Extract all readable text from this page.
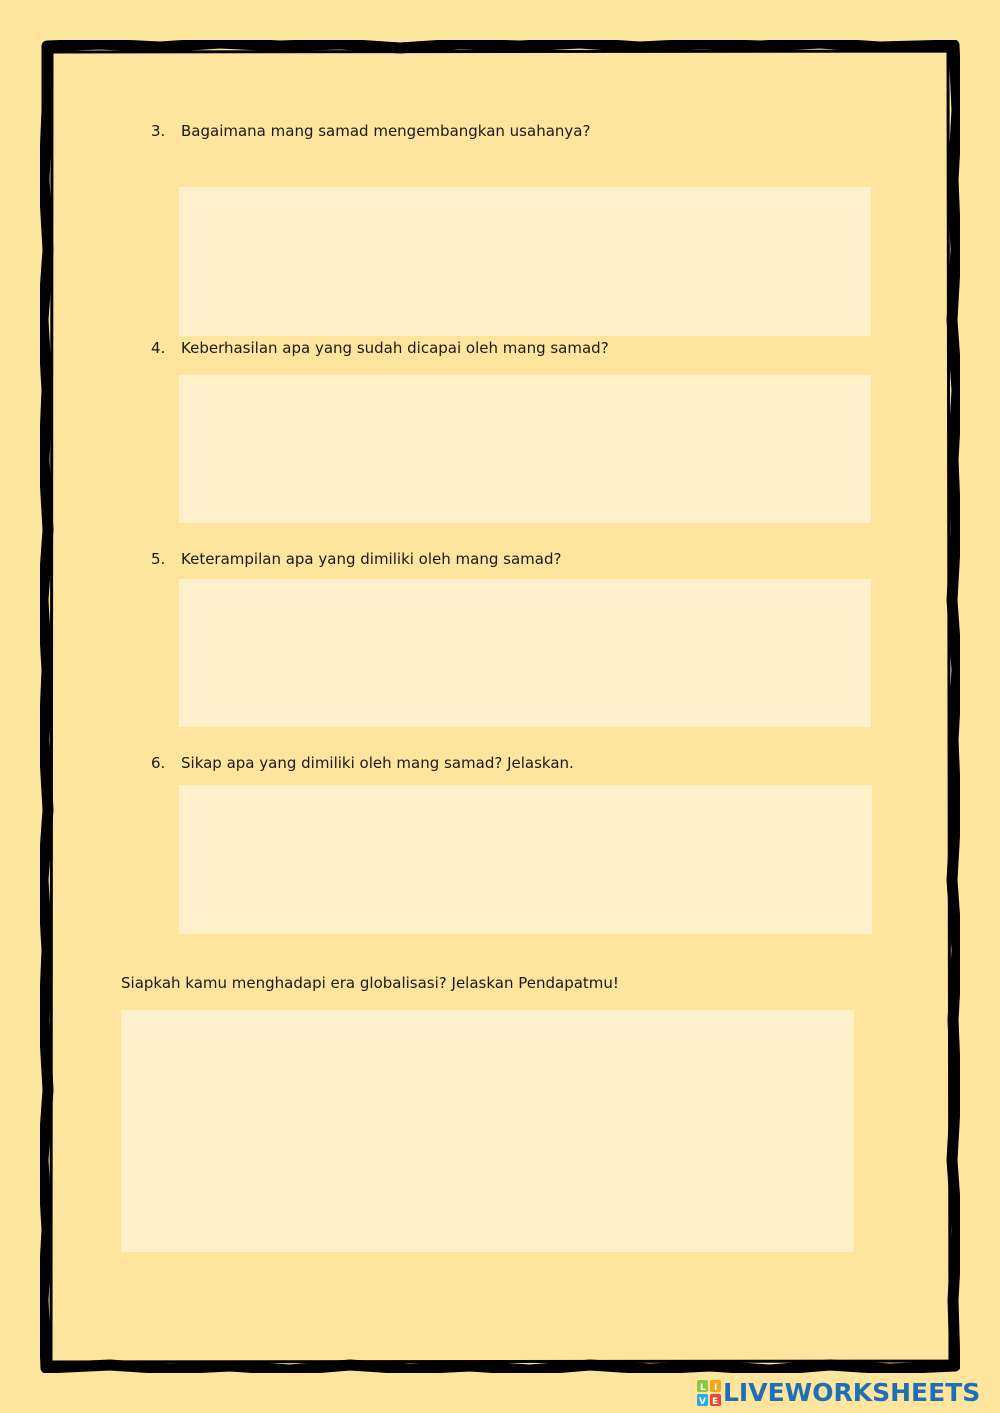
3. Bagaimana mang samad mengembangkan usahanya?
4. Keberhasilan apa yang sudah dicapai oleh mang samad?
5. Keterampilan apa yang dimiliki oleh mang samad?
6. Sikap apa yang dimiliki oleh mang samad? Jelaskan.
Siapkah kamu menghadapi era globalisasi? Jelaskan Pendapatmu!
L I
V E LIVEWORKSHEETS
